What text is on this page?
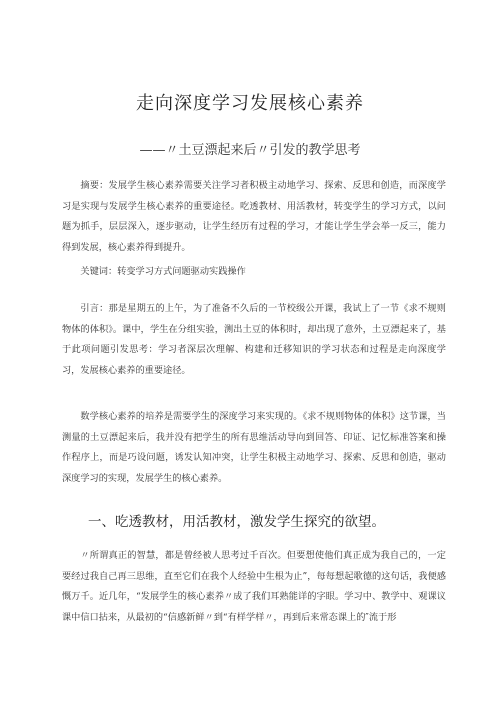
走向深度学习发展核心素养
——〃土豆漂起来后〃引发的教学思考
摘要：发展学生核心素养需要关注学习者积极主动地学习、探索、反思和创造，而深度学习是实现与发展学生核心素养的重要途径。吃透教材、用活教材，转变学生的学习方式，以问题为抓手，层层深入，逐步驱动，让学生经历有过程的学习，才能让学生学会举一反三，能力得到发展，核心素养得到提升。
关键词：转变学习方式问题驱动实践操作
引言：那是星期五的上午，为了准备不久后的一节校级公开课，我试上了一节《求不规则物体的体积》。课中，学生在分组实验，测出土豆的体积时，却出现了意外，土豆漂起来了，基于此项问题引发思考：学习者深层次理解、构建和迁移知识的学习状态和过程是走向深度学习，发展核心素养的重要途径。
数学核心素养的培养是需要学生的深度学习来实现的。《求不规则物体的体积》这节课，当测量的土豆漂起来后，我并没有把学生的所有思维活动导向到回答、印证、记忆标准答案和操作程序上，而是巧设问题，诱发认知冲突，让学生积极主动地学习、探索、反思和创造，驱动深度学习的实现，发展学生的核心素养。
一、吃透教材，用活教材，激发学生探究的欲望。
〃所谓真正的智慧，都是曾经被人思考过千百次。但要想使他们真正成为我自己的，一定要经过我自己再三思维，直至它们在我个人经验中生根为止”，每每想起歌德的这句话，我便感慨万千。近几年，“发展学生的核心素养〃成了我们耳熟能详的字眼。学习中、教学中、观课议课中信口拈来，从最初的“信感新鲜〃到“有样学样〃，再到后来常态课上的″流于形
